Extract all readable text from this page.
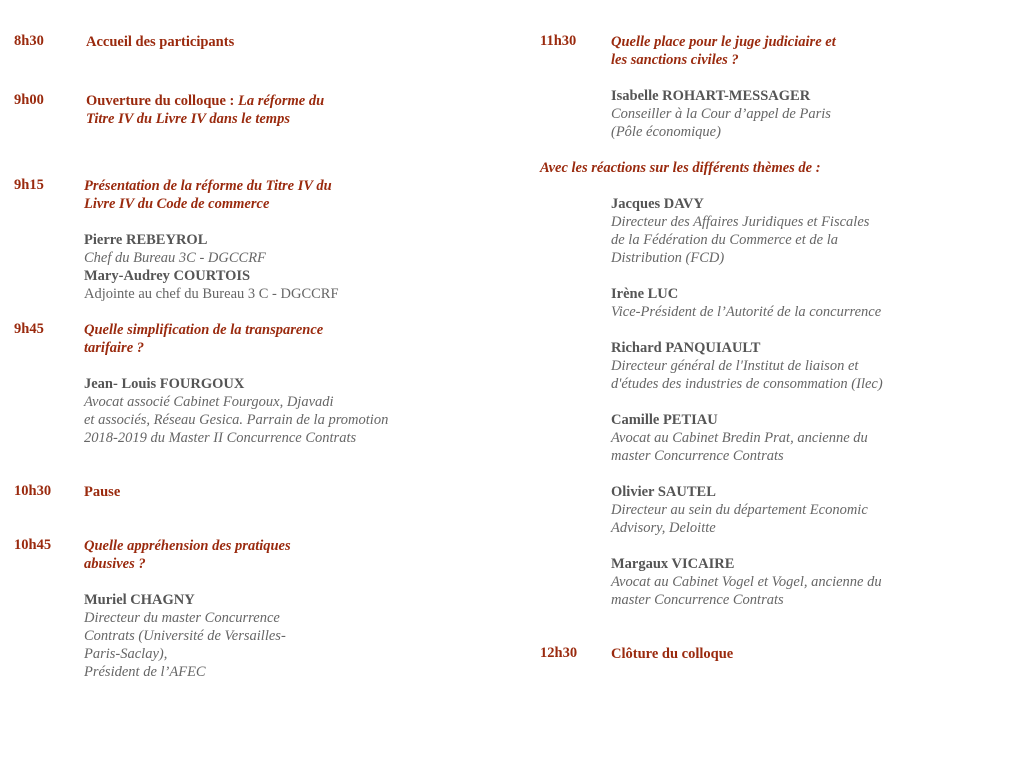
8h30	Accueil des participants
9h00	Ouverture du colloque : La réforme du
Titre IV du Livre IV dans le temps
9h15	Présentation de la réforme du Titre IV du
Livre IV du Code de commerce
Pierre REBEYROL
Chef du Bureau 3C - DGCCRF
Mary-Audrey COURTOIS
Adjointe au chef du Bureau 3 C - DGCCRF
9h45	Quelle simplification de la transparence
tarifaire ?
Jean- Louis FOURGOUX
Avocat associé Cabinet Fourgoux, Djavadi
et associés, Réseau Gesica. Parrain de la promotion
2018-2019 du Master II Concurrence Contrats
10h30 Pause
10h45 Quelle appréhension des pratiques
abusives ?
Muriel CHAGNY
Directeur du master Concurrence
Contrats (Université de Versailles-
Paris-Saclay),
Président de l’AFEC
11h30 Quelle place pour le juge judiciaire et
les sanctions civiles ?
Isabelle ROHART-MESSAGER
Conseiller à la Cour d’appel de Paris
(Pôle économique)
Avec les réactions sur les différents thèmes de :
Jacques DAVY
Directeur des Affaires Juridiques et Fiscales
de la Fédération du Commerce et de la
Distribution (FCD)
Irène LUC
Vice-Président de l’Autorité de la concurrence
Richard PANQUIAULT
Directeur général de l'Institut de liaison et
d'études des industries de consommation (Ilec)
Camille PETIAU
Avocat au Cabinet Bredin Prat, ancienne du
master Concurrence Contrats
Olivier SAUTEL
Directeur au sein du département Economic
Advisory, Deloitte
Margaux VICAIRE
Avocat au Cabinet Vogel et Vogel, ancienne du
master Concurrence Contrats
12h30 Clôture du colloque
